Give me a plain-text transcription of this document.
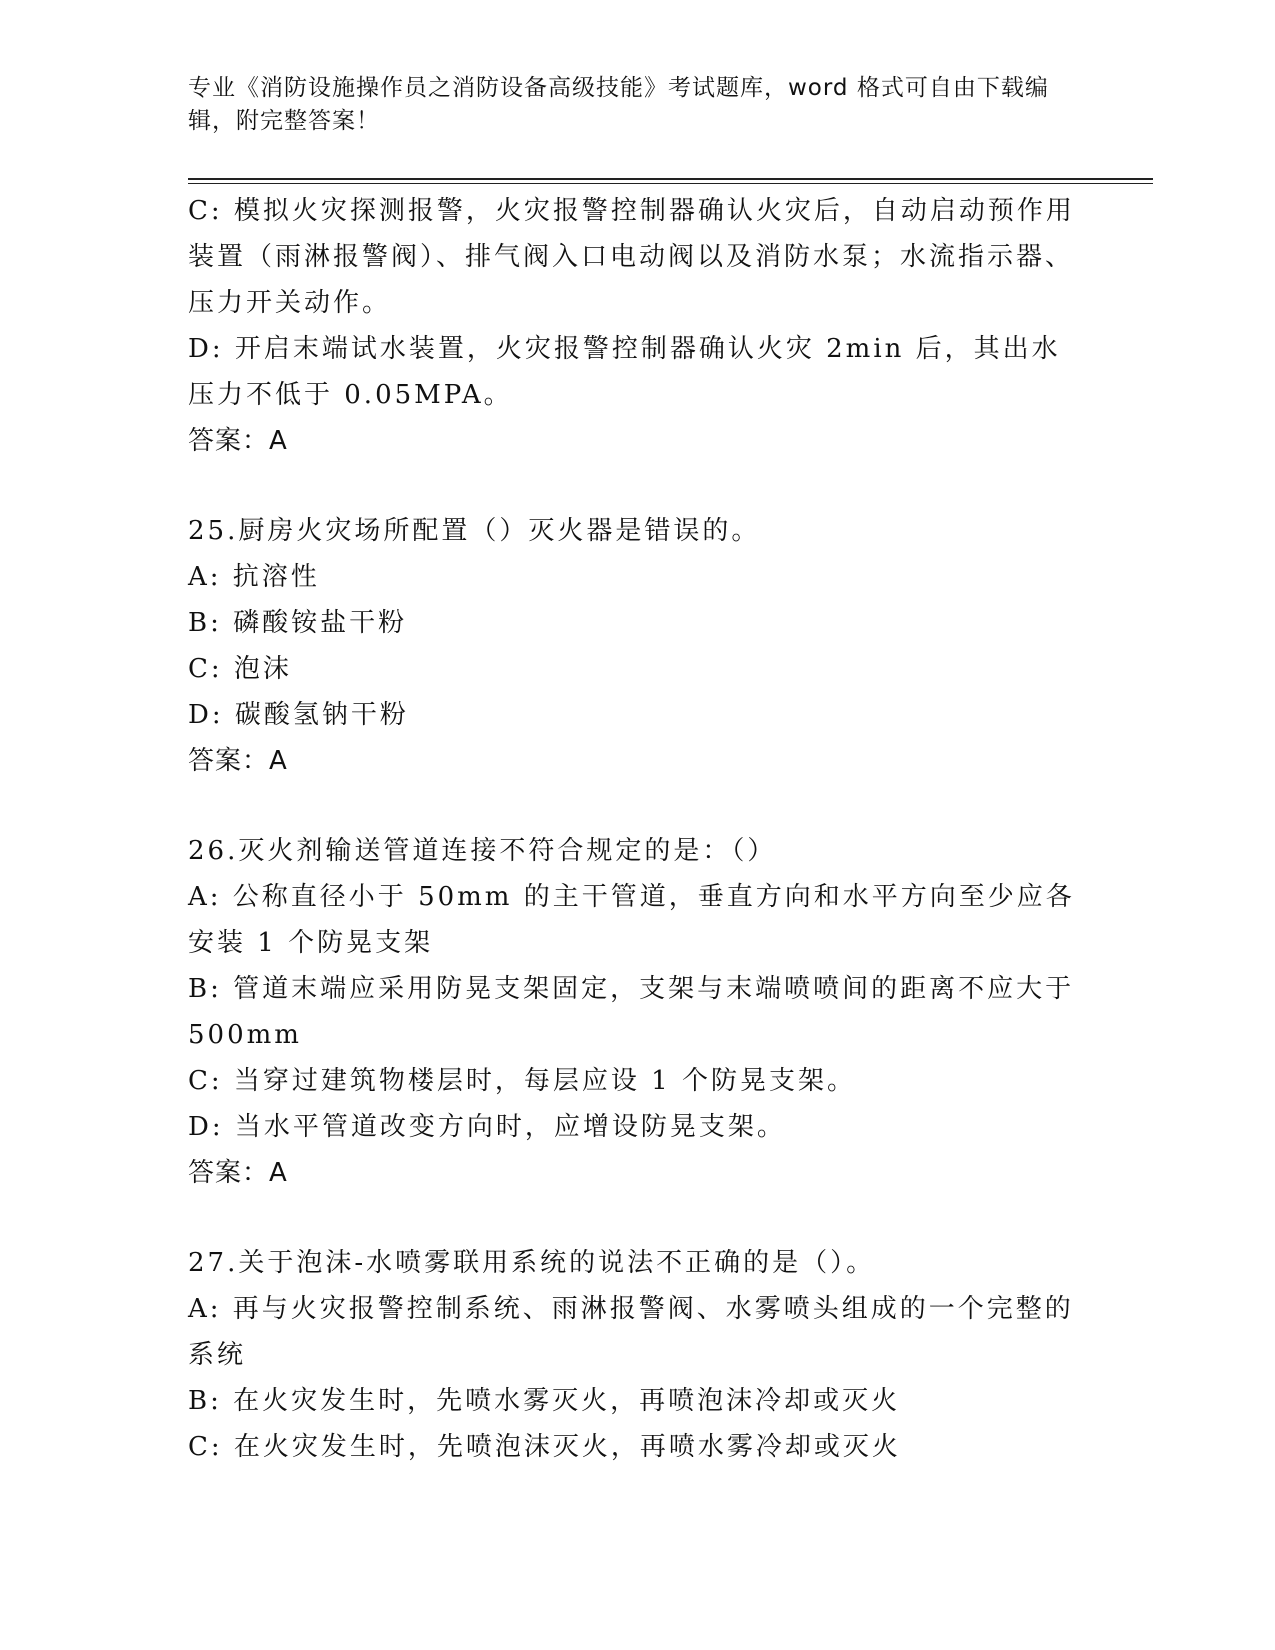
专业《消防设施操作员之消防设备高级技能》考试题库，word 格式可自由下载编辑，附完整答案！
C: 模拟火灾探测报警，火灾报警控制器确认火灾后，自动启动预作用装置（雨淋报警阀）、排气阀入口电动阀以及消防水泵；水流指示器、压力开关动作。
D: 开启末端试水装置，火灾报警控制器确认火灾 2min 后，其出水压力不低于 0.05MPA。
答案：A
25.厨房火灾场所配置（）灭火器是错误的。
A: 抗溶性
B: 磷酸铵盐干粉
C: 泡沫
D: 碳酸氢钠干粉
答案：A
26.灭火剂输送管道连接不符合规定的是：（）
A: 公称直径小于 50mm 的主干管道，垂直方向和水平方向至少应各安装 1 个防晃支架
B: 管道末端应采用防晃支架固定，支架与末端喷喷间的距离不应大于 500mm
C: 当穿过建筑物楼层时，每层应设 1 个防晃支架。
D: 当水平管道改变方向时，应增设防晃支架。
答案：A
27.关于泡沫-水喷雾联用系统的说法不正确的是（）。
A: 再与火灾报警控制系统、雨淋报警阀、水雾喷头组成的一个完整的系统
B: 在火灾发生时，先喷水雾灭火，再喷泡沫冷却或灭火
C: 在火灾发生时，先喷泡沫灭火，再喷水雾冷却或灭火
